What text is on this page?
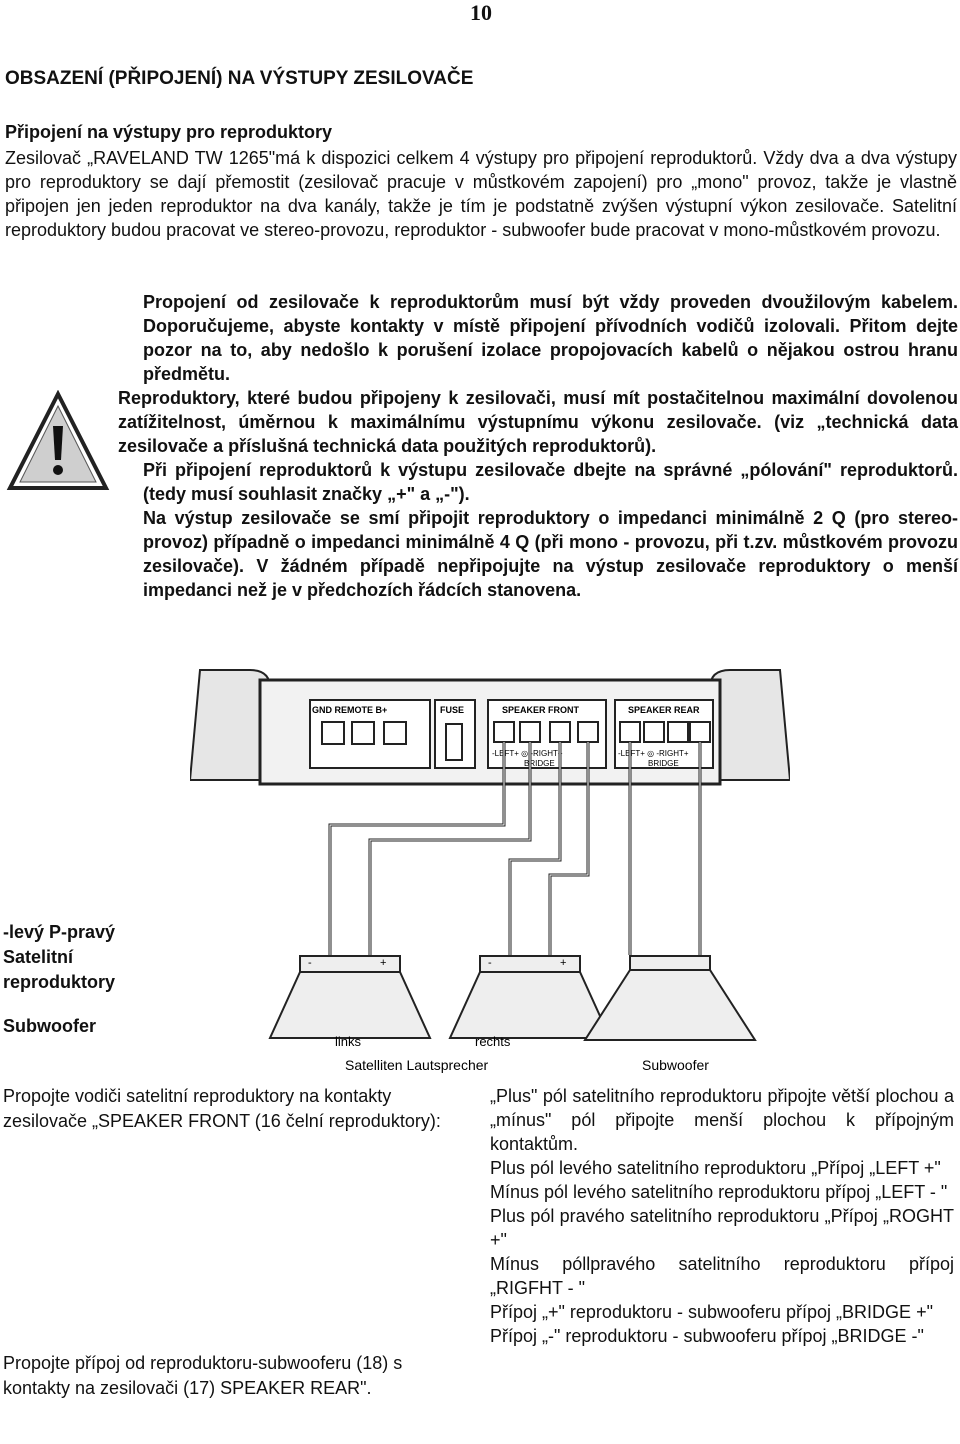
10
OBSAZENÍ (PŘIPOJENÍ) NA VÝSTUPY ZESILOVAČE
Připojení na výstupy pro reproduktory
Zesilovač „RAVELAND TW 1265"má k dispozici celkem 4 výstupy pro připojení reproduktorů. Vždy dva a dva výstupy pro reproduktory se dají přemostit (zesilovač pracuje v můstkovém zapojení) pro „mono" provoz, takže je vlastně připojen jen jeden reproduktor na dva kanály, takže je tím je podstatně zvýšen výstupní výkon zesilovače. Satelitní reproduktory budou pracovat ve stereo-provozu, reproduktor - subwoofer bude pracovat v mono-můstkovém provozu.

Propojení od zesilovače k reproduktorům musí být vždy proveden dvoužilovým kabelem. Doporučujeme, abyste kontakty v místě připojení přívodních vodičů izolovali. Přitom dejte pozor na to, aby nedošlo k porušení izolace propojovacích kabelů o nějakou ostrou hranu předmětu.

Reproduktory, které budou připojeny k zesilovači, musí mít postačitelnou maximální dovolenou zatížitelnost, úměrnou k maximálnímu výstupnímu výkonu zesilovače. (viz „technická data zesilovače a příslušná technická data použitých reproduktorů).

Při připojení reproduktorů k výstupu zesilovače dbejte na správné „pólování" reproduktorů. (tedy musí souhlasit značky „+" a „-").

Na výstup zesilovače se smí připojit reproduktory o impedanci minimálně 2 Q (pro stereo-provoz) případně o impedanci minimálně 4 Q (při mono - provozu, při t.zv. můstkovém provozu zesilovače). V žádném případě nepřipojujte na výstup zesilovače reproduktory o menší impedanci než je v předchozích řádcích stanovena.

GND REMOTE B+	FUSE	SPEAKER FRONT	SPEAKER REAR
-LEFT+ ◎ -RIGHT+
BRIDGE
-LEFT+ ◎ -RIGHT+
BRIDGE
-	+	-	+
links	rechts
Satelliten Lautsprecher	Subwoofer
-levý P-pravý
Satelitní
reproduktory
Subwoofer
Propojte vodiči satelitní reproduktory na kontakty zesilovače „SPEAKER FRONT (16 čelní reproduktory):
Propojte přípoj od reproduktoru-subwooferu (18) s kontakty na zesilovači (17) SPEAKER REAR".
„Plus" pól satelitního reproduktoru připojte větší plochou a „mínus" pól připojte menší plochou k přípojným kontaktům.
Plus pól levého satelitního reproduktoru „Přípoj „LEFT +"
Mínus pól levého satelitního reproduktoru přípoj „LEFT - "
Plus pól pravého satelitního reproduktoru „Přípoj „ROGHT +"
Mínus póllpravého satelitního reproduktoru přípoj „RIGFHT - "
Přípoj „+" reproduktoru - subwooferu přípoj „BRIDGE +"
Přípoj „-" reproduktoru - subwooferu přípoj „BRIDGE -"
